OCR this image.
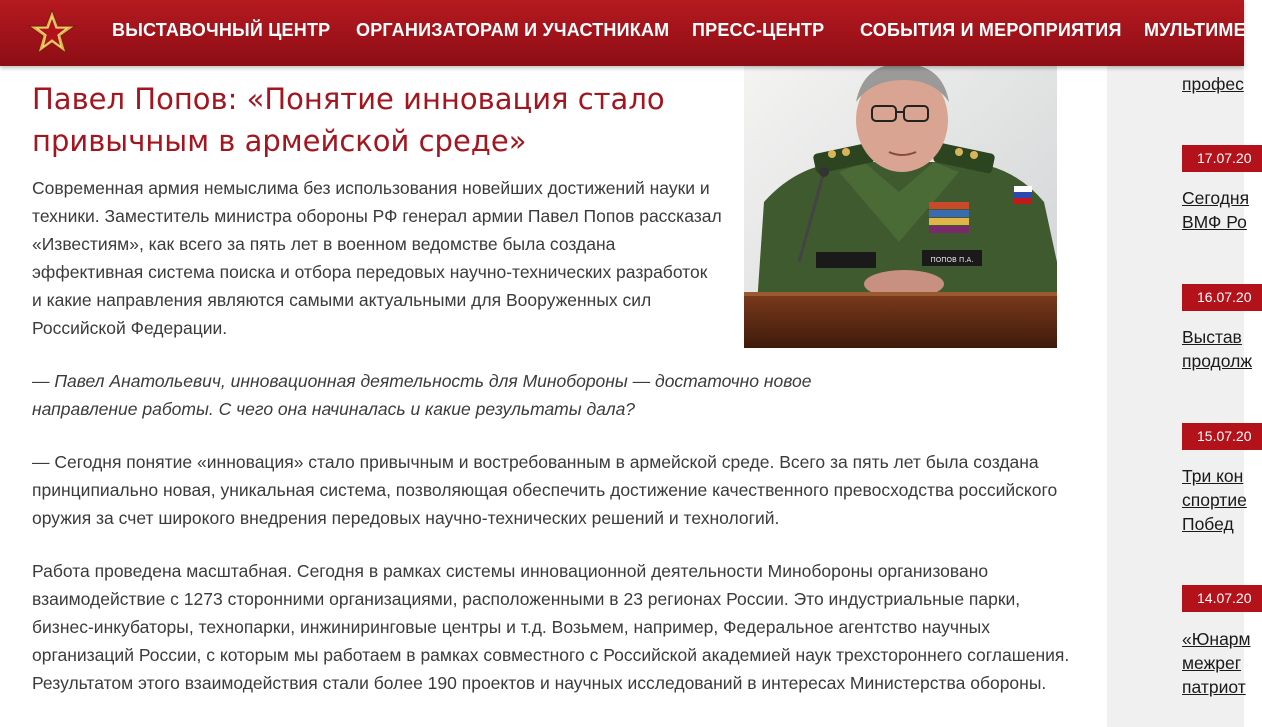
ВЫСТАВОЧНЫЙ ЦЕНТР ОРГАНИЗАТОРАМ И УЧАСТНИКАМ ПРЕСС-ЦЕНТР СОБЫТИЯ И МЕРОПРИЯТИЯ МУЛЬТИМЕД
ПОПОВ П.А.
Павел Попов: «Понятие инновация стало привычным в армейской среде»

Современная армия немыслима без использования новейших достижений науки и техники. Заместитель министра обороны РФ генерал армии Павел Попов рассказал «Известиям», как всего за пять лет в военном ведомстве была создана эффективная система поиска и отбора передовых научно-технических разработок и какие направления являются самыми актуальными для Вооруженных сил Российской Федерации.

— Павел Анатольевич, инновационная деятельность для Минобороны — достаточно новое направление работы. С чего она начиналась и какие результаты дала?

— Сегодня понятие «инновация» стало привычным и востребованным в армейской среде. Всего за пять лет была создана принципиально новая, уникальная система, позволяющая обеспечить достижение качественного превосходства российского оружия за счет широкого внедрения передовых научно-технических решений и технологий.

Работа проведена масштабная. Сегодня в рамках системы инновационной деятельности Минобороны организовано взаимодействие с 1273 сторонними организациями, расположенными в 23 регионах России. Это индустриальные парки, бизнес-инкубаторы, технопарки, инжиниринговые центры и т.д. Возьмем, например, Федеральное агентство научных организаций России, с которым мы работаем в рамках совместного с Российской академией наук трехстороннего соглашения. Результатом этого взаимодействия стали более 190 проектов и научных исследований в интересах Министерства обороны.

профес
17.07.20
Сегодня
ВМФ Ро
16.07.20
Выстав
продолж
15.07.20
Три кон
спортие
Побед
14.07.20
«Юнарм
межрег
патриот
